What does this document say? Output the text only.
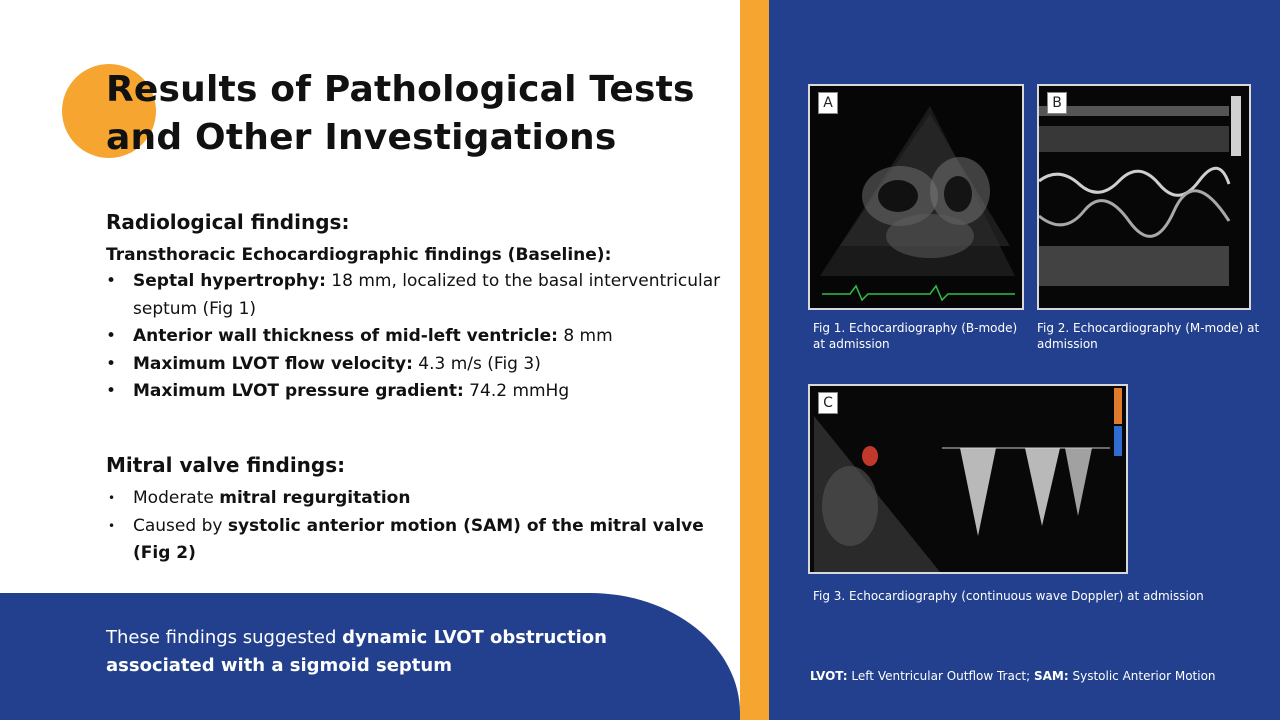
Results of Pathological Tests and Other Investigations
Radiological findings:
Transthoracic Echocardiographic findings (Baseline):
• Septal hypertrophy: 18 mm, localized to the basal interventricular septum (Fig 1)
• Anterior wall thickness of mid-left ventricle: 8 mm
• Maximum LVOT flow velocity: 4.3 m/s (Fig 3)
• Maximum LVOT pressure gradient: 74.2 mmHg
Mitral valve findings:
• Moderate mitral regurgitation
• Caused by systolic anterior motion (SAM) of the mitral valve (Fig 2)

These findings suggested dynamic LVOT obstruction associated with a sigmoid septum

A
Fig 1. Echocardiography (B-mode) at admission
B
Fig 2. Echocardiography (M-mode) at admission
C
Fig 3. Echocardiography (continuous wave Doppler) at admission
LVOT: Left Ventricular Outflow Tract; SAM: Systolic Anterior Motion
